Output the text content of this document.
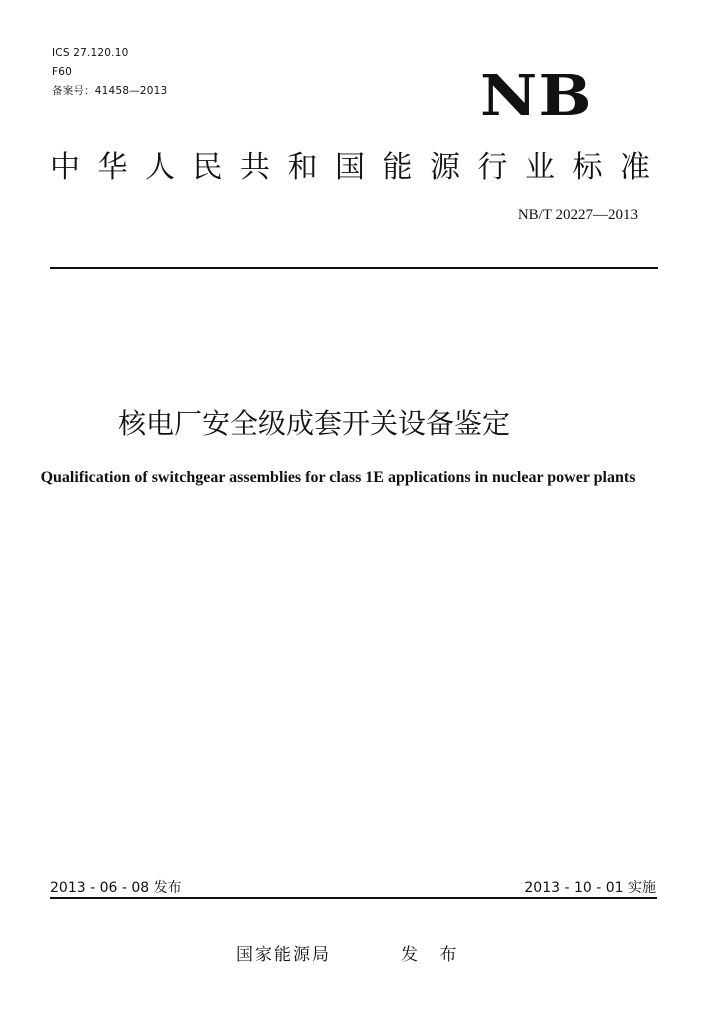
ICS 27.120.10
F60
备案号：41458—2013	NB
中 华 人 民 共 和 国 能 源 行 业 标 准
NB/T 20227—2013
核电厂安全级成套开关设备鉴定
Qualification of switchgear assemblies for class 1E applications in nuclear power plants
2013 - 06 - 08 发布	2013 - 10 - 01 实施
国家能源局	发 布
